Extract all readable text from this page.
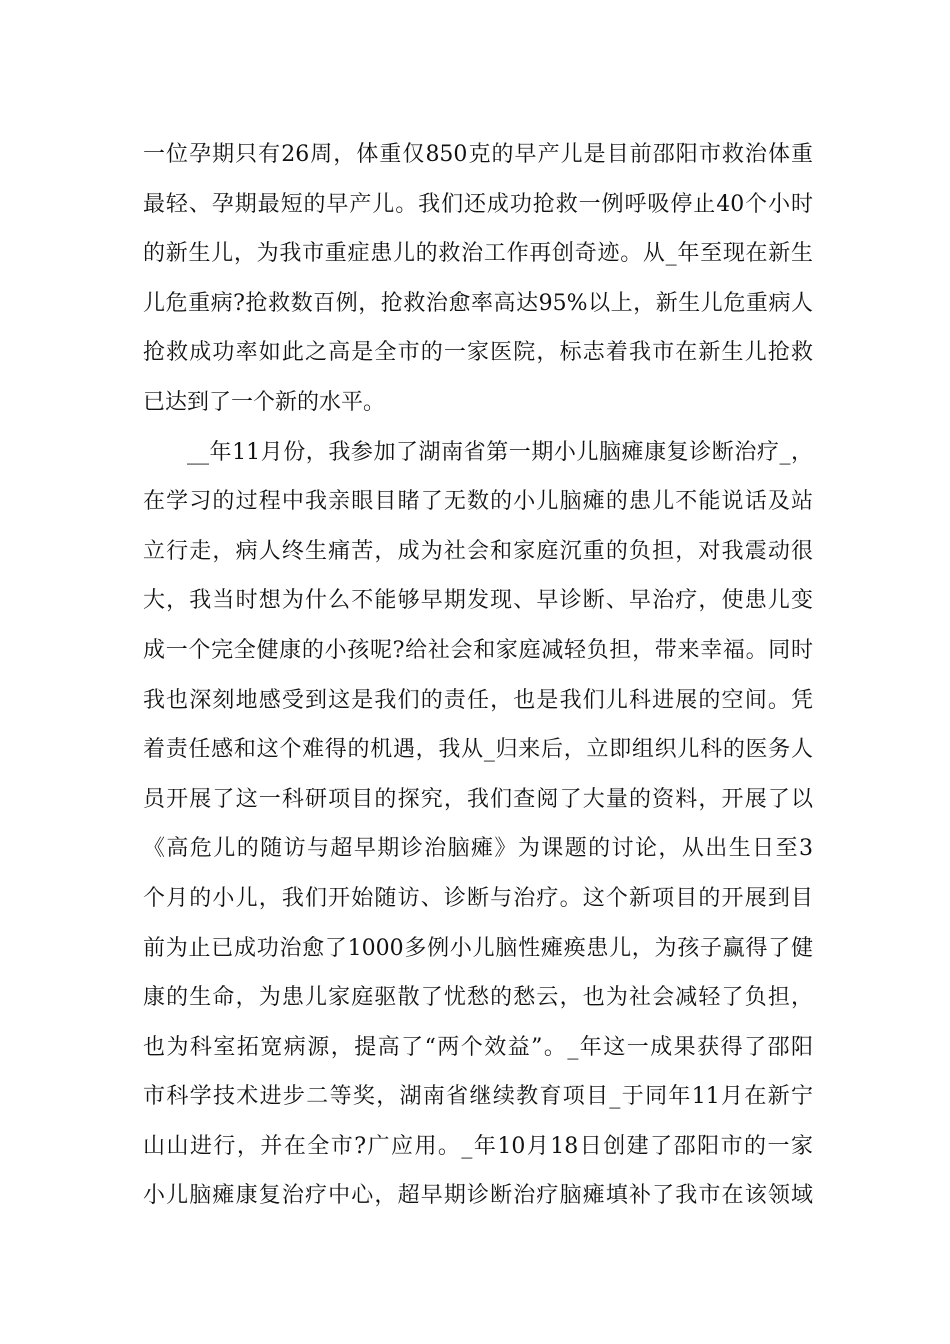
一位孕期只有26周，体重仅850克的早产儿是目前邵阳市救治体重
最轻、孕期最短的早产儿。我们还成功抢救一例呼吸停止40个小时
的新生儿，为我市重症患儿的救治工作再创奇迹。从_年至现在新生
儿危重病?抢救数百例，抢救治愈率高达95%以上，新生儿危重病人
抢救成功率如此之高是全市的一家医院，标志着我市在新生儿抢救
已达到了一个新的水平。
__年11月份，我参加了湖南省第一期小儿脑瘫康复诊断治疗_，
在学习的过程中我亲眼目睹了无数的小儿脑瘫的患儿不能说话及站
立行走，病人终生痛苦，成为社会和家庭沉重的负担，对我震动很
大，我当时想为什么不能够早期发现、早诊断、早治疗，使患儿变
成一个完全健康的小孩呢?给社会和家庭减轻负担，带来幸福。同时
我也深刻地感受到这是我们的责任，也是我们儿科进展的空间。凭
着责任感和这个难得的机遇，我从_归来后，立即组织儿科的医务人
员开展了这一科研项目的探究，我们查阅了大量的资料，开展了以
《高危儿的随访与超早期诊治脑瘫》为课题的讨论，从出生日至3
个月的小儿，我们开始随访、诊断与治疗。这个新项目的开展到目
前为止已成功治愈了1000多例小儿脑性瘫痪患儿，为孩子赢得了健
康的生命，为患儿家庭驱散了忧愁的愁云，也为社会减轻了负担，
也为科室拓宽病源，提高了“两个效益”。_年这一成果获得了邵阳
市科学技术进步二等奖，湖南省继续教育项目_于同年11月在新宁
山山进行，并在全市?广应用。_年10月18日创建了邵阳市的一家
小儿脑瘫康复治疗中心，超早期诊断治疗脑瘫填补了我市在该领域
